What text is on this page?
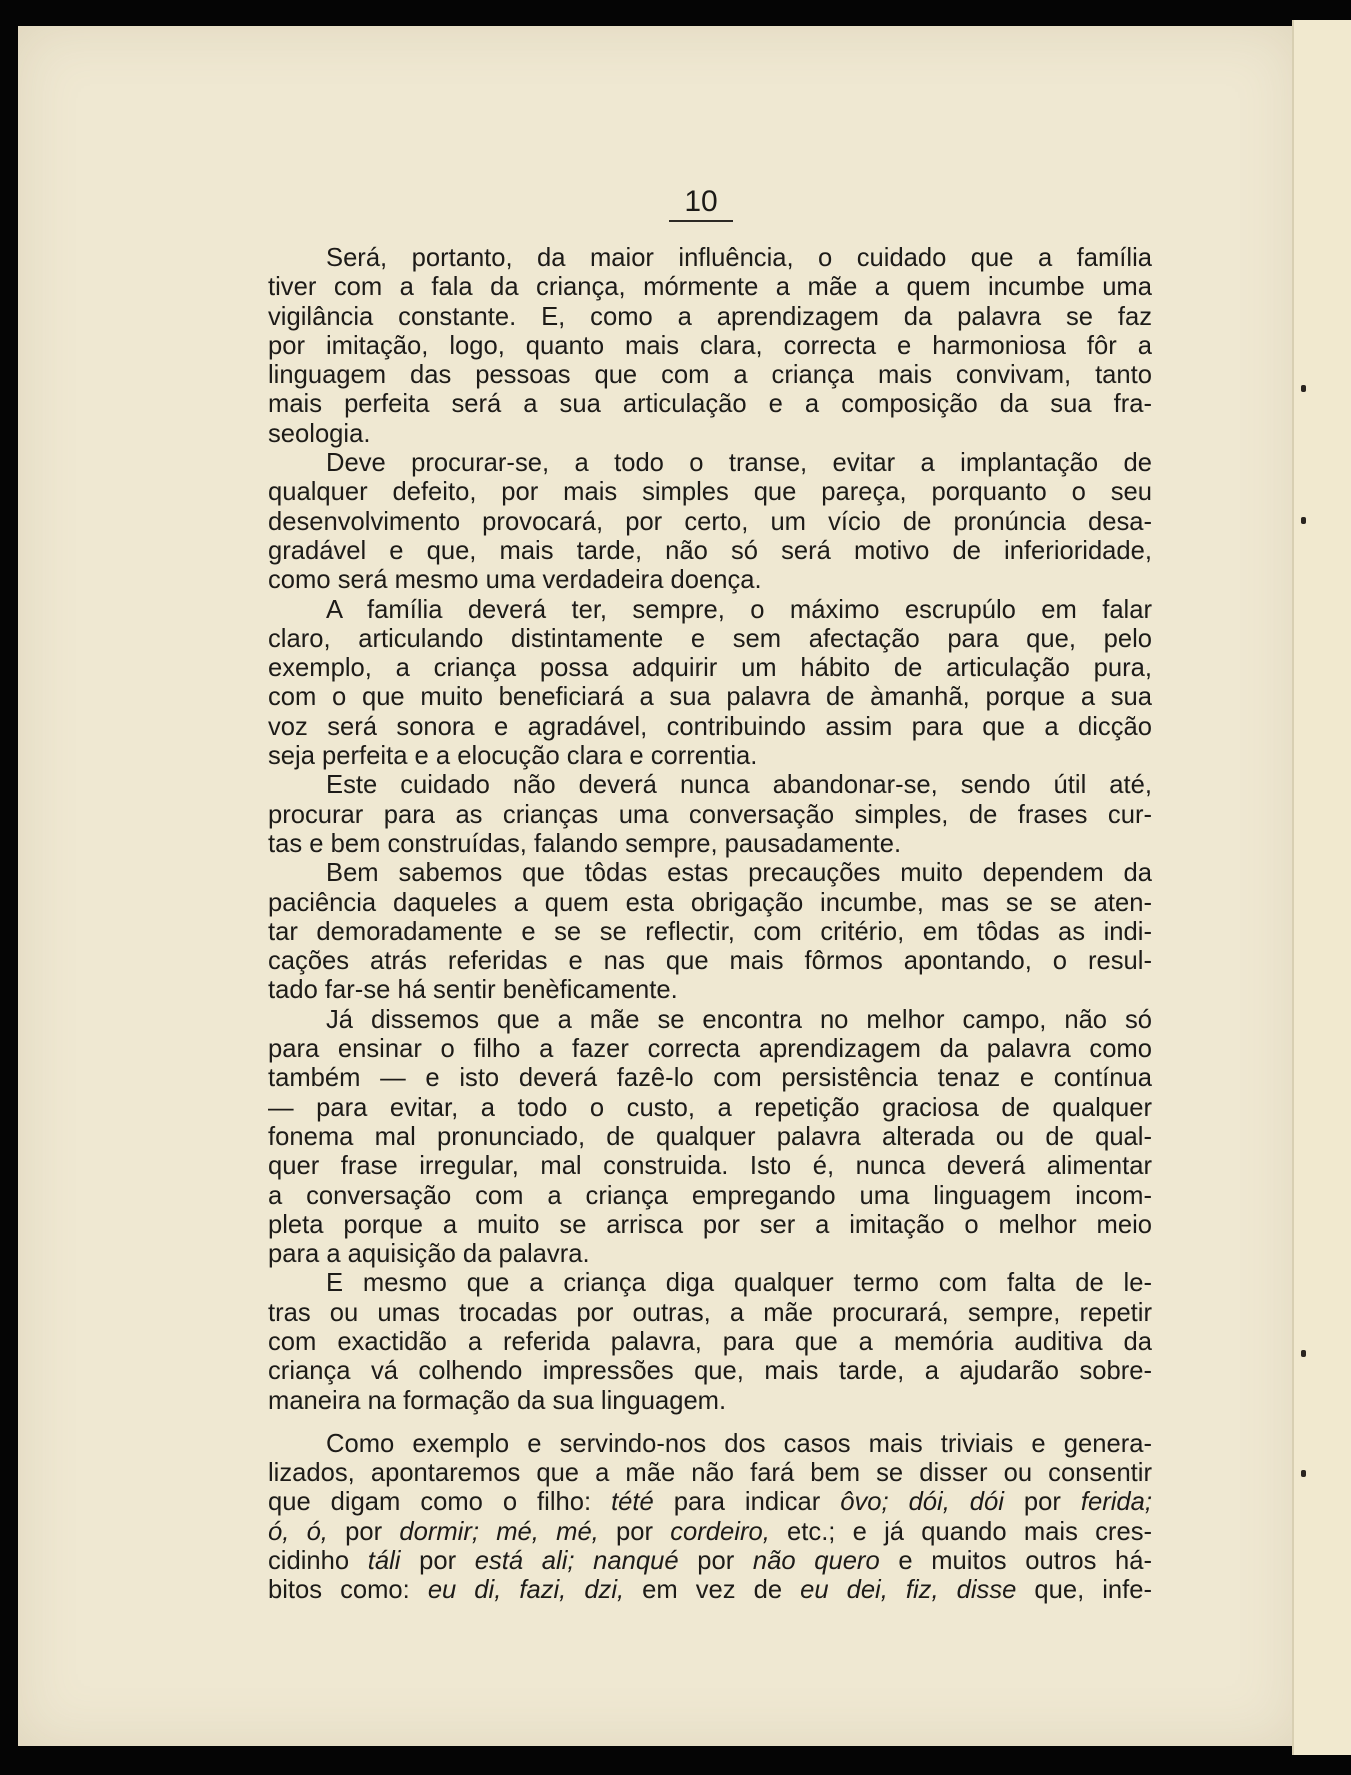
10
Será, portanto, da maior influência, o cuidado que a família
tiver com a fala da criança, mórmente a mãe a quem incumbe uma
vigilância constante. E, como a aprendizagem da palavra se faz
por imitação, logo, quanto mais clara, correcta e harmoniosa fôr a
linguagem das pessoas que com a criança mais convivam, tanto
mais perfeita será a sua articulação e a composição da sua fra-
seologia.
Deve procurar-se, a todo o transe, evitar a implantação de
qualquer defeito, por mais simples que pareça, porquanto o seu
desenvolvimento provocará, por certo, um vício de pronúncia desa-
gradável e que, mais tarde, não só será motivo de inferioridade,
como será mesmo uma verdadeira doença.
A família deverá ter, sempre, o máximo escrupúlo em falar
claro, articulando distintamente e sem afectação para que, pelo
exemplo, a criança possa adquirir um hábito de articulação pura,
com o que muito beneficiará a sua palavra de àmanhã, porque a sua
voz será sonora e agradável, contribuindo assim para que a dicção
seja perfeita e a elocução clara e correntia.
Este cuidado não deverá nunca abandonar-se, sendo útil até,
procurar para as crianças uma conversação simples, de frases cur-
tas e bem construídas, falando sempre, pausadamente.
Bem sabemos que tôdas estas precauções muito dependem da
paciência daqueles a quem esta obrigação incumbe, mas se se aten-
tar demoradamente e se se reflectir, com critério, em tôdas as indi-
cações atrás referidas e nas que mais fôrmos apontando, o resul-
tado far-se há sentir benèficamente.
Já dissemos que a mãe se encontra no melhor campo, não só
para ensinar o filho a fazer correcta aprendizagem da palavra como
também — e isto deverá fazê-lo com persistência tenaz e contínua
— para evitar, a todo o custo, a repetição graciosa de qualquer
fonema mal pronunciado, de qualquer palavra alterada ou de qual-
quer frase irregular, mal construida. Isto é, nunca deverá alimentar
a conversação com a criança empregando uma linguagem incom-
pleta porque a muito se arrisca por ser a imitação o melhor meio
para a aquisição da palavra.
E mesmo que a criança diga qualquer termo com falta de le-
tras ou umas trocadas por outras, a mãe procurará, sempre, repetir
com exactidão a referida palavra, para que a memória auditiva da
criança vá colhendo impressões que, mais tarde, a ajudarão sobre-
maneira na formação da sua linguagem.
Como exemplo e servindo-nos dos casos mais triviais e genera-
lizados, apontaremos que a mãe não fará bem se disser ou consentir
que digam como o filho: tété para indicar ôvo; dói, dói por ferida;
ó, ó, por dormir; mé, mé, por cordeiro, etc.; e já quando mais cres-
cidinho táli por está ali; nanqué por não quero e muitos outros há-
bitos como: eu di, fazi, dzi, em vez de eu dei, fiz, disse que, infe-
